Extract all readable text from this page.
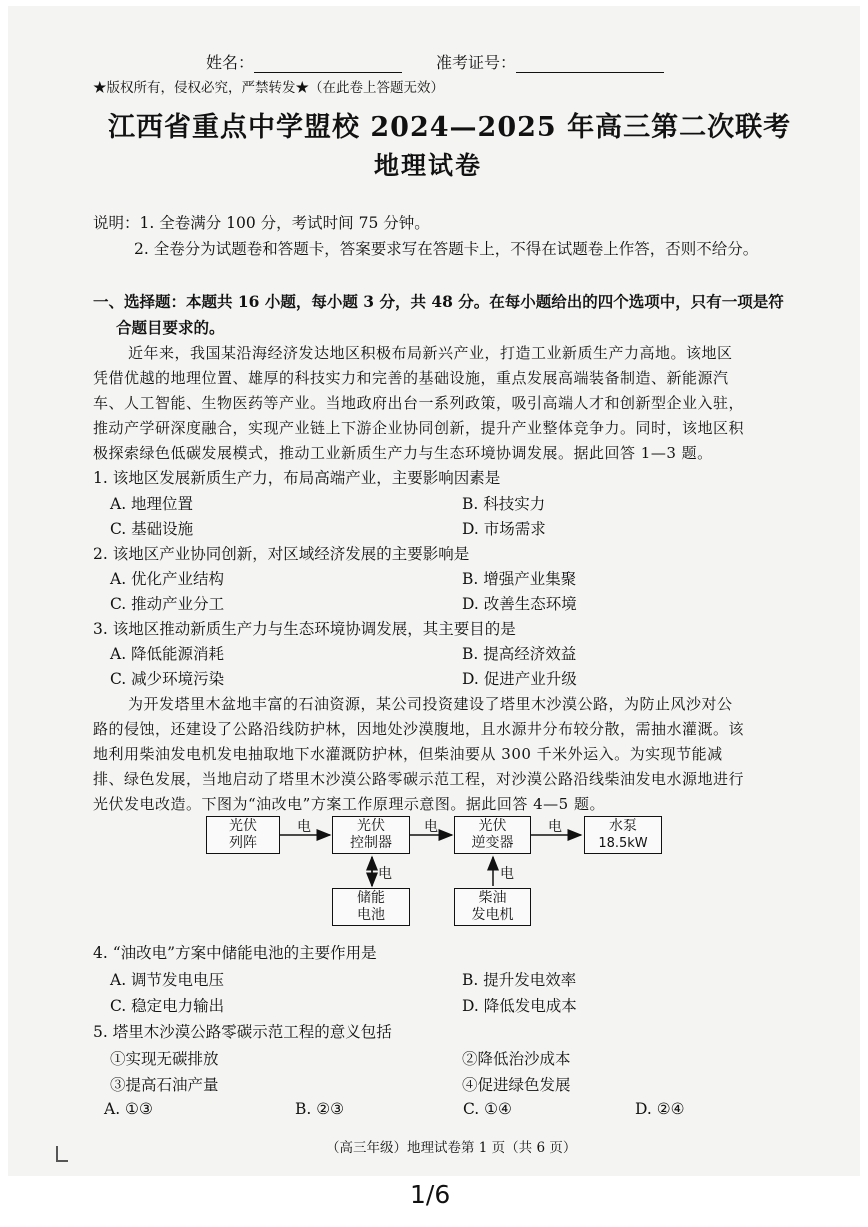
姓名：	准考证号：
★版权所有，侵权必究，严禁转发★（在此卷上答题无效）
江西省重点中学盟校 2024—2025 年高三第二次联考
地理试卷
说明：1. 全卷满分 100 分，考试时间 75 分钟。
2. 全卷分为试题卷和答题卡，答案要求写在答题卡上，不得在试题卷上作答，否则不给分。
一、选择题：本题共 16 小题，每小题 3 分，共 48 分。在每小题给出的四个选项中，只有一项是符
合题目要求的。
近年来，我国某沿海经济发达地区积极布局新兴产业，打造工业新质生产力高地。该地区
凭借优越的地理位置、雄厚的科技实力和完善的基础设施，重点发展高端装备制造、新能源汽
车、人工智能、生物医药等产业。当地政府出台一系列政策，吸引高端人才和创新型企业入驻，
推动产学研深度融合，实现产业链上下游企业协同创新，提升产业整体竞争力。同时，该地区积
极探索绿色低碳发展模式，推动工业新质生产力与生态环境协调发展。据此回答 1—3 题。
1. 该地区发展新质生产力，布局高端产业，主要影响因素是
A. 地理位置	B. 科技实力
C. 基础设施	D. 市场需求
2. 该地区产业协同创新，对区域经济发展的主要影响是
A. 优化产业结构	B. 增强产业集聚
C. 推动产业分工	D. 改善生态环境
3. 该地区推动新质生产力与生态环境协调发展，其主要目的是
A. 降低能源消耗	B. 提高经济效益
C. 减少环境污染	D. 促进产业升级
为开发塔里木盆地丰富的石油资源，某公司投资建设了塔里木沙漠公路，为防止风沙对公
路的侵蚀，还建设了公路沿线防护林，因地处沙漠腹地，且水源井分布较分散，需抽水灌溉。该
地利用柴油发电机发电抽取地下水灌溉防护林，但柴油要从 300 千米外运入。为实现节能减
排、绿色发展，当地启动了塔里木沙漠公路零碳示范工程，对沙漠公路沿线柴油发电水源地进行
光伏发电改造。下图为“油改电”方案工作原理示意图。据此回答 4—5 题。
光伏
列阵
光伏
控制器
光伏
逆变器
水泵
18.5kW
储能
电池
柴油
发电机
电	电	电
电	电
4. “油改电”方案中储能电池的主要作用是
A. 调节发电电压	B. 提升发电效率
C. 稳定电力输出	D. 降低发电成本
5. 塔里木沙漠公路零碳示范工程的意义包括
①实现无碳排放	②降低治沙成本
③提高石油产量	④促进绿色发展
A. ①③	B. ②③	C. ①④	D. ②④
（高三年级）地理试卷第 1 页（共 6 页）
1/6
